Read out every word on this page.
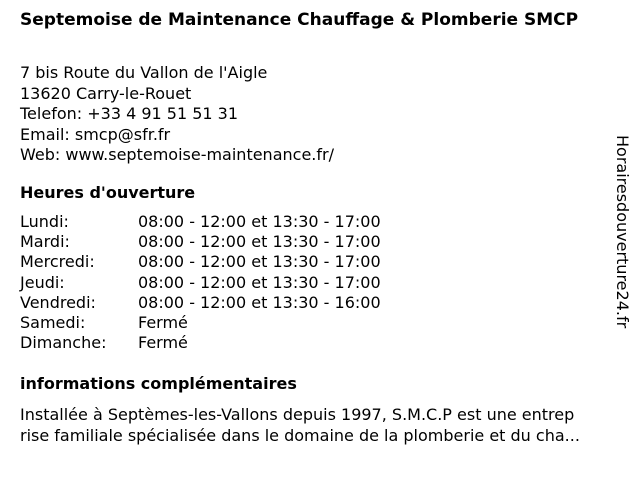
Septemoise de Maintenance Chauffage & Plomberie SMCP
7 bis Route du Vallon de l'Aigle
13620 Carry-le-Rouet
Telefon: +33 4 91 51 51 31
Email: smcp@sfr.fr
Web: www.septemoise-maintenance.fr/
Heures d'ouverture
Lundi:	08:00 - 12:00 et 13:30 - 17:00
Mardi:	08:00 - 12:00 et 13:30 - 17:00
Mercredi:	08:00 - 12:00 et 13:30 - 17:00
Jeudi:	08:00 - 12:00 et 13:30 - 17:00
Vendredi:	08:00 - 12:00 et 13:30 - 16:00
Samedi:	Fermé
Dimanche:	Fermé
informations complémentaires
Installée à Septèmes-les-Vallons depuis 1997, S.M.C.P est une entrep
rise familiale spécialisée dans le domaine de la plomberie et du cha...
Horairesdouverture24.fr
